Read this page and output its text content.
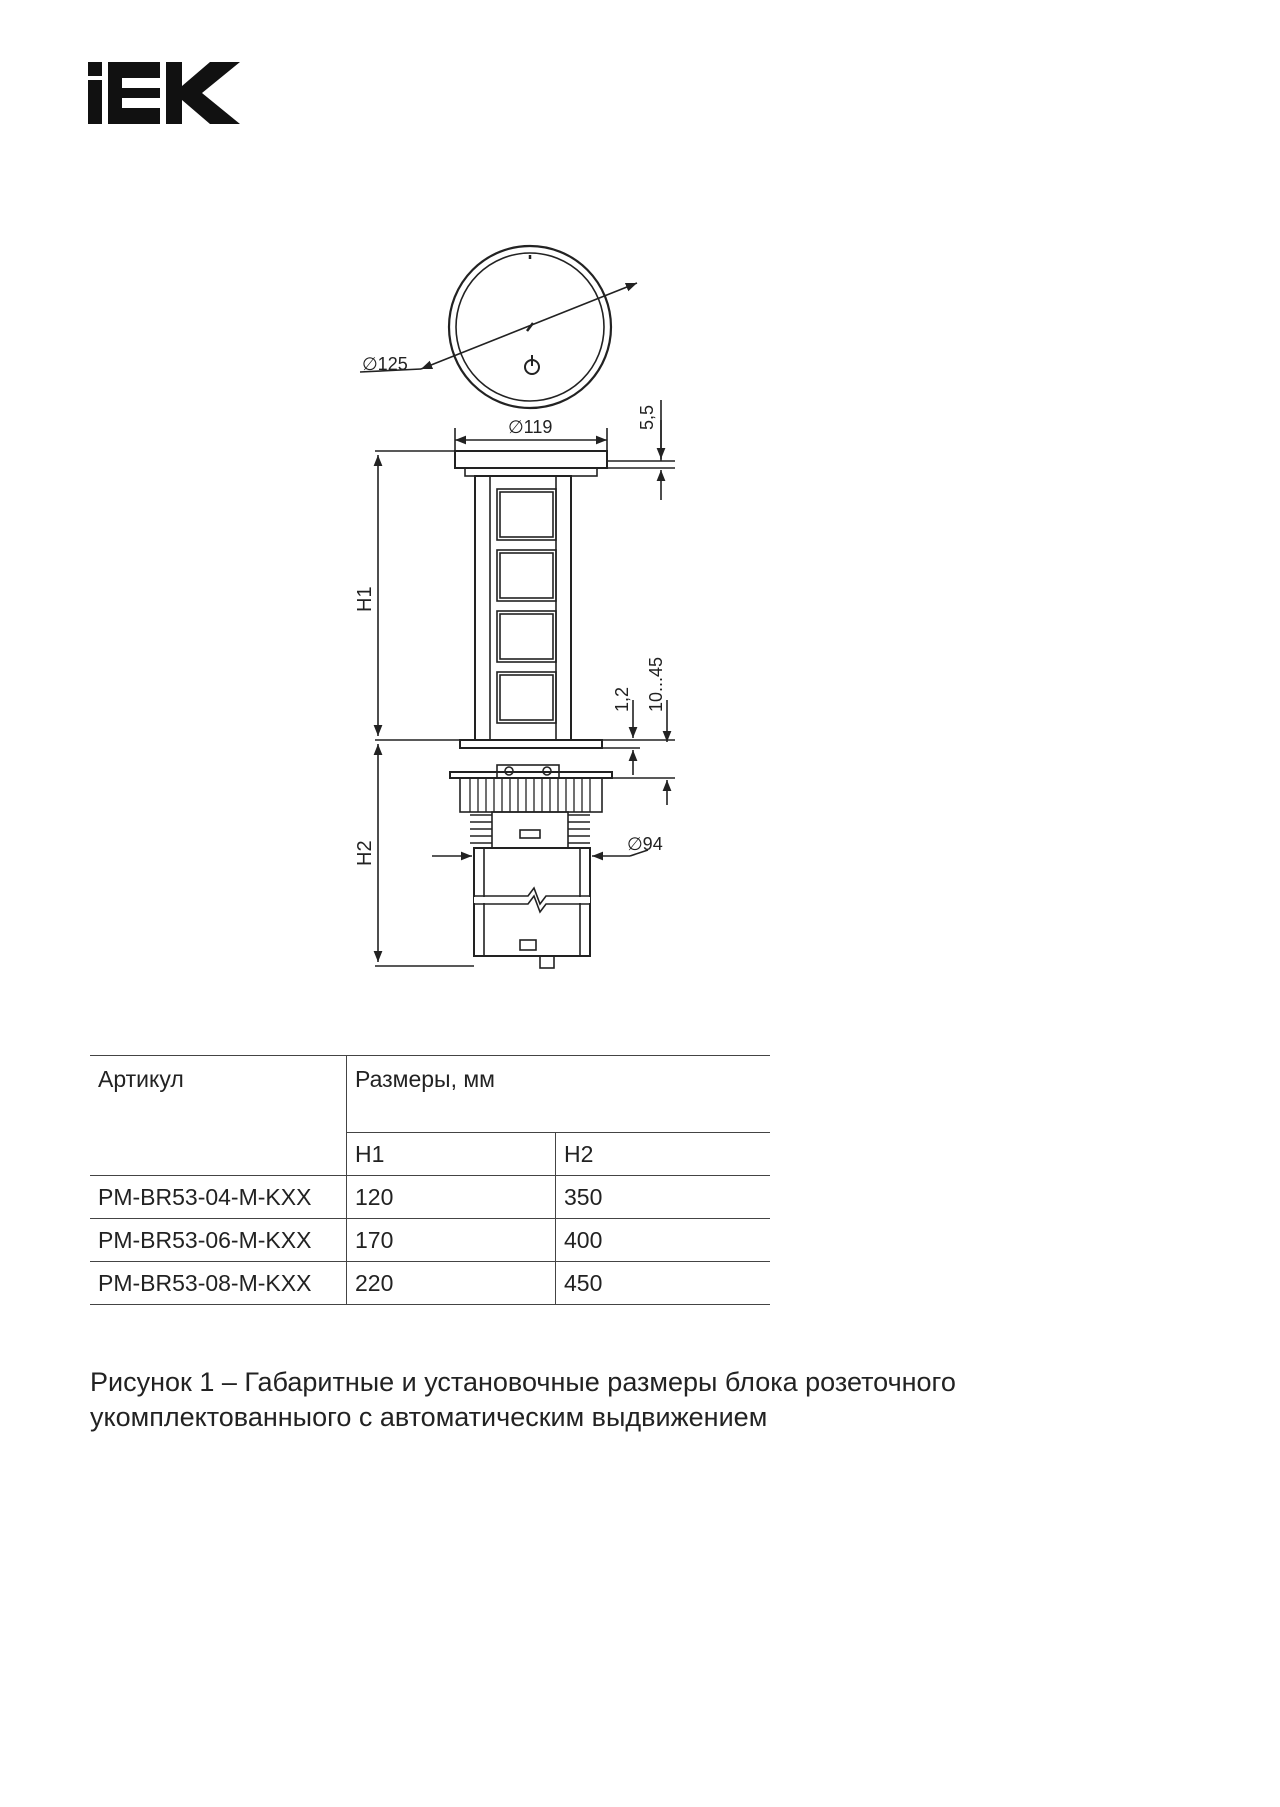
∅125
∅119	5,5
H1
H2
1,2 10...45
∅94
Артикул	Размеры, мм	
	H1	H2
PM-BR53-04-M-KXX	120	350
PM-BR53-06-M-KXX	170	400
PM-BR53-08-M-KXX	220	450
Рисунок 1 – Габаритные и установочные размеры блока розеточного
укомплектованныого с автоматическим выдвижением
